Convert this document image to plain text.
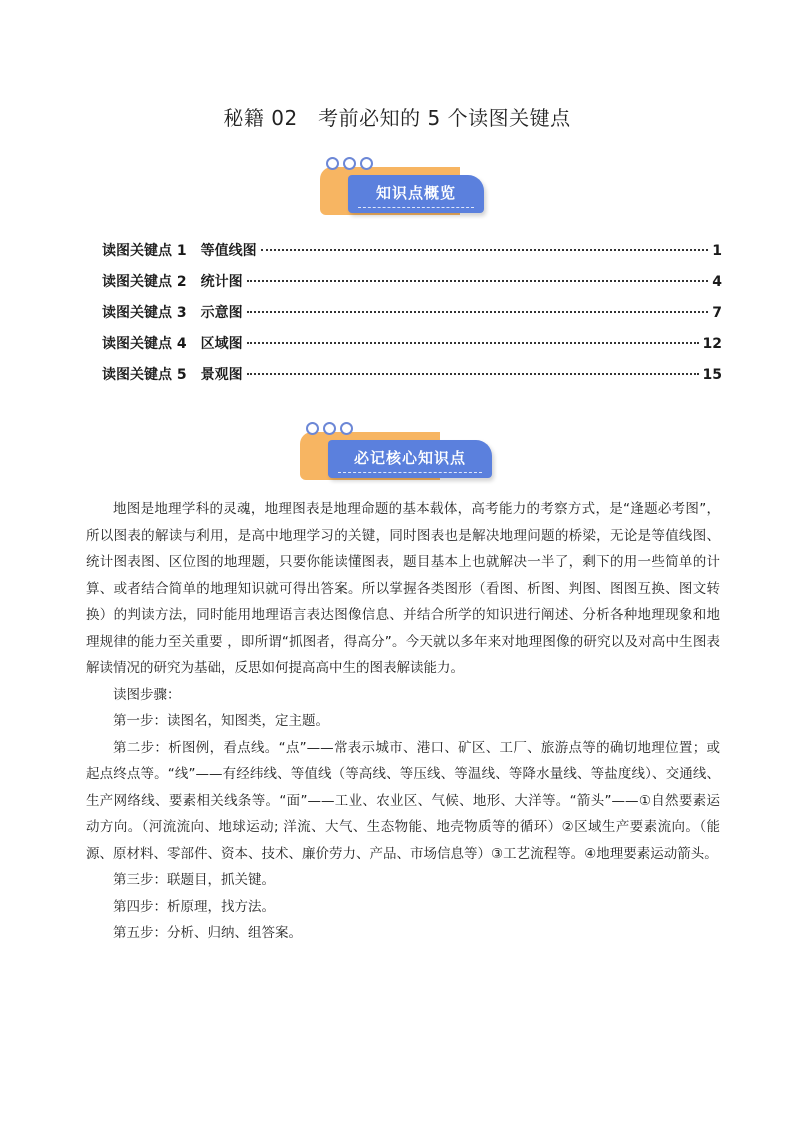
秘籍 02　考前必知的 5 个读图关键点
知识点概览
读图关键点 1 等值线图	1
读图关键点 2 统计图	4
读图关键点 3 示意图	7
读图关键点 4 区域图	12
读图关键点 5 景观图	15
必记核心知识点

地图是地理学科的灵魂，地理图表是地理命题的基本载体，高考能力的考察方式，是“逢题必考图”，所以图表的解读与利用，是高中地理学习的关键，同时图表也是解决地理问题的桥梁，无论是等值线图、统计图表图、区位图的地理题，只要你能读懂图表，题目基本上也就解决一半了，剩下的用一些简单的计算、或者结合简单的地理知识就可得出答案。所以掌握各类图形（看图、析图、判图、图图互换、图文转换）的判读方法，同时能用地理语言表达图像信息、并结合所学的知识进行阐述、分析各种地理现象和地理规律的能力至关重要 ，即所谓“抓图者，得高分”。今天就以多年来对地理图像的研究以及对高中生图表解读情况的研究为基础，反思如何提高高中生的图表解读能力。

读图步骤：

第一步：读图名，知图类，定主题。

第二步：析图例，看点线。“点”——常表示城市、港口、矿区、工厂、旅游点等的确切地理位置；或起点终点等。“线”——有经纬线、等值线（等高线、等压线、等温线、等降水量线、等盐度线）、交通线、生产网络线、要素相关线条等。“面”——工业、农业区、气候、地形、大洋等。“箭头”——①自然要素运动方向。（河流流向、地球运动; 洋流、大气、生态物能、地壳物质等的循环）②区域生产要素流向。（能源、原材料、零部件、资本、技术、廉价劳力、产品、市场信息等）③工艺流程等。④地理要素运动箭头。

第三步：联题目，抓关键。

第四步：析原理，找方法。

第五步：分析、归纳、组答案。
